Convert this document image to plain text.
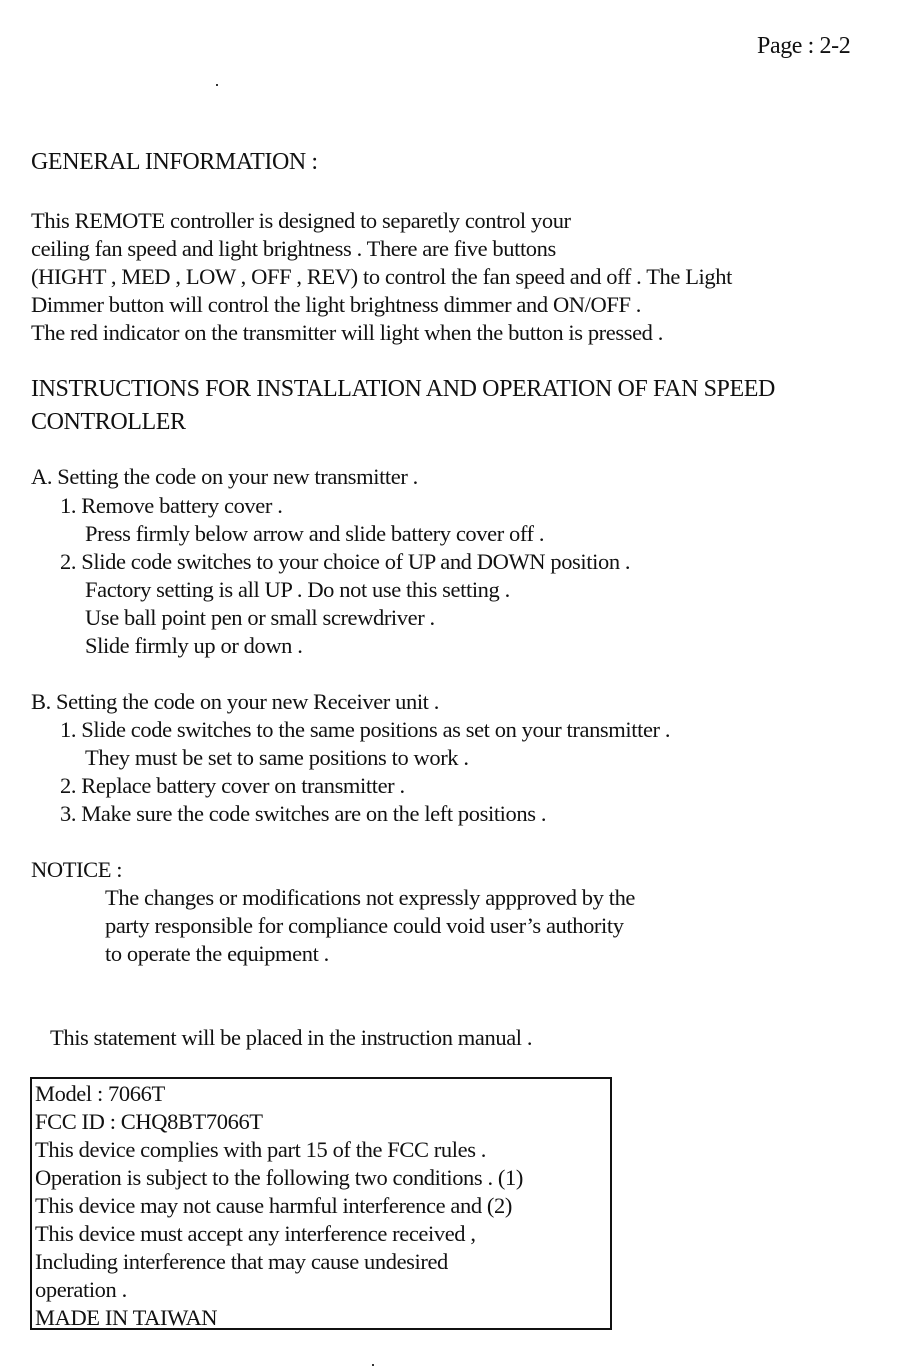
Page : 2-2
GENERAL INFORMATION :
This REMOTE controller is designed to separetly control your
ceiling fan speed and light brightness . There are five buttons
(HIGHT , MED , LOW , OFF , REV) to control the fan speed and off . The Light
Dimmer button will control the light brightness dimmer and ON/OFF .
The red indicator on the transmitter will light when the button is pressed .
INSTRUCTIONS FOR INSTALLATION AND OPERATION OF FAN SPEED
CONTROLLER
A. Setting the code on your new transmitter .
1. Remove battery cover .
Press firmly below arrow and slide battery cover off .
2. Slide code switches to your choice of UP and DOWN position .
Factory setting is all UP . Do not use this setting .
Use ball point pen or small screwdriver .
Slide firmly up or down .
B. Setting the code on your new Receiver unit .
1. Slide code switches to the same positions as set on your transmitter .
They must be set to same positions to work .
2. Replace battery cover on transmitter .
3. Make sure the code switches are on the left positions .
NOTICE :
The changes or modifications not expressly appproved by the
party responsible for compliance could void user’s authority
to operate the equipment .
This statement will be placed in the instruction manual .
Model : 7066T
FCC ID : CHQ8BT7066T
This device complies with part 15 of the FCC rules .
Operation is subject to the following two conditions . (1)
This device may not cause harmful interference and (2)
This device must accept any interference received ,
Including interference that may cause undesired
operation .
MADE IN TAIWAN
